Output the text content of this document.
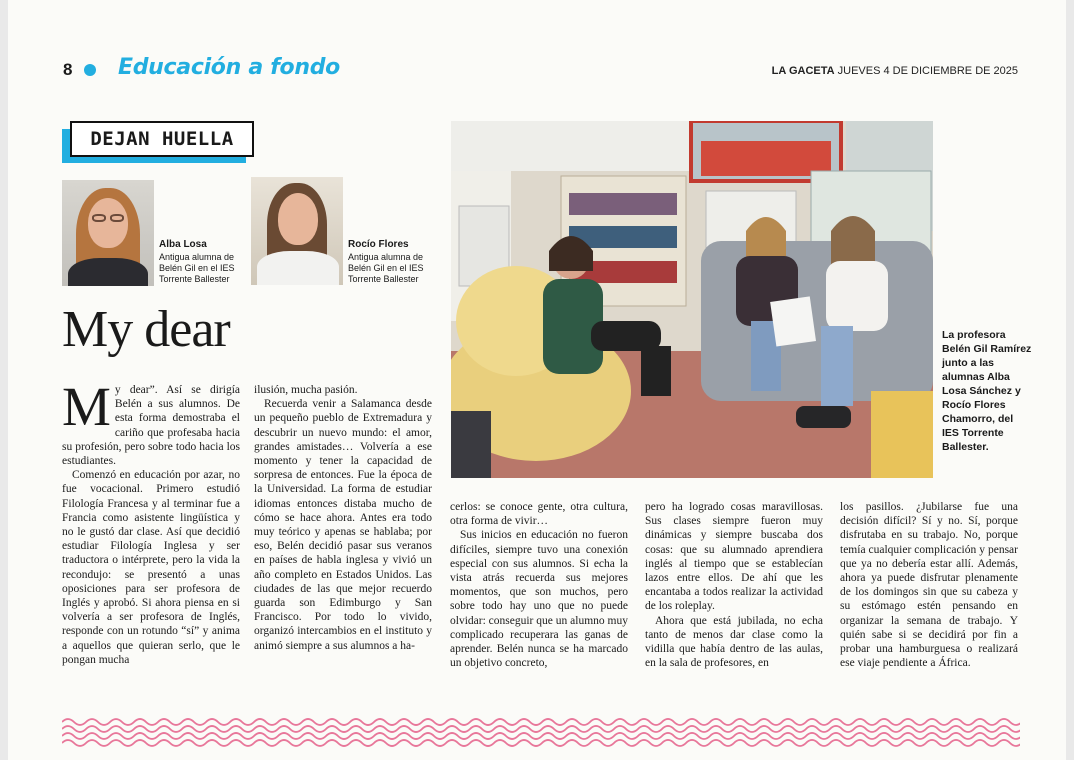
8 Educación a fondo	LA GACETA JUEVES 4 DE DICIEMBRE DE 2025
DEJAN HUELLA
Alba Losa
Antigua alumna de Belén Gil en el IES Torrente Ballester
Rocío Flores
Antigua alumna de Belén Gil en el IES Torrente Ballester
My dear

My dear”. Así se dirigía Belén a sus alumnos. De esta forma demostraba el cariño que profesaba hacia su profesión, pero sobre todo hacia los estudiantes.

Comenzó en educación por azar, no fue vocacional. Primero estudió Filología Francesa y al terminar fue a Francia como asistente lingüística y no le gustó dar clase. Así que decidió estudiar Filología Inglesa y ser traductora o intérprete, pero la vida la recondujo: se presentó a unas oposiciones para ser profesora de Inglés y aprobó. Si ahora piensa en si volvería a ser profesora de Inglés, responde con un rotundo “sí” y anima a aquellos que quieran serlo, que le pongan mucha

ilusión, mucha pasión.

Recuerda venir a Salamanca desde un pequeño pueblo de Extremadura y descubrir un nuevo mundo: el amor, grandes amistades… Volvería a ese momento y tener la capacidad de sorpresa de entonces. Fue la época de la Universidad. La forma de estudiar idiomas entonces distaba mucho de cómo se hace ahora. Antes era todo muy teórico y apenas se hablaba; por eso, Belén decidió pasar sus veranos en países de habla inglesa y vivió un año completo en Estados Unidos. Las ciudades de las que mejor recuerdo guarda son Edimburgo y San Francisco. Por todo lo vivido, organizó intercambios en el instituto y animó siempre a sus alumnos a ha-

cerlos: se conoce gente, otra cultura, otra forma de vivir…

Sus inicios en educación no fueron difíciles, siempre tuvo una conexión especial con sus alumnos. Si echa la vista atrás recuerda sus mejores momentos, que son muchos, pero sobre todo hay uno que no puede olvidar: conseguir que un alumno muy complicado recuperara las ganas de aprender. Belén nunca se ha marcado un objetivo concreto,

pero ha logrado cosas maravillosas. Sus clases siempre fueron muy dinámicas y siempre buscaba dos cosas: que su alumnado aprendiera inglés al tiempo que se establecían lazos entre ellos. De ahí que les encantaba a todos realizar la actividad de los roleplay.

Ahora que está jubilada, no echa tanto de menos dar clase como la vidilla que había dentro de las aulas, en la sala de profesores, en

los pasillos. ¿Jubilarse fue una decisión difícil? Sí y no. Sí, porque disfrutaba en su trabajo. No, porque temía cualquier complicación y pensar que ya no debería estar allí. Además, ahora ya puede disfrutar plenamente de los domingos sin que su cabeza y su estómago estén pensando en organizar la semana de trabajo. Y quién sabe si se decidirá por fin a probar una hamburguesa o realizará ese viaje pendiente a África.

La profesora Belén Gil Ramírez junto a las alumnas Alba Losa Sánchez y Rocío Flores Chamorro, del IES Torrente Ballester.
